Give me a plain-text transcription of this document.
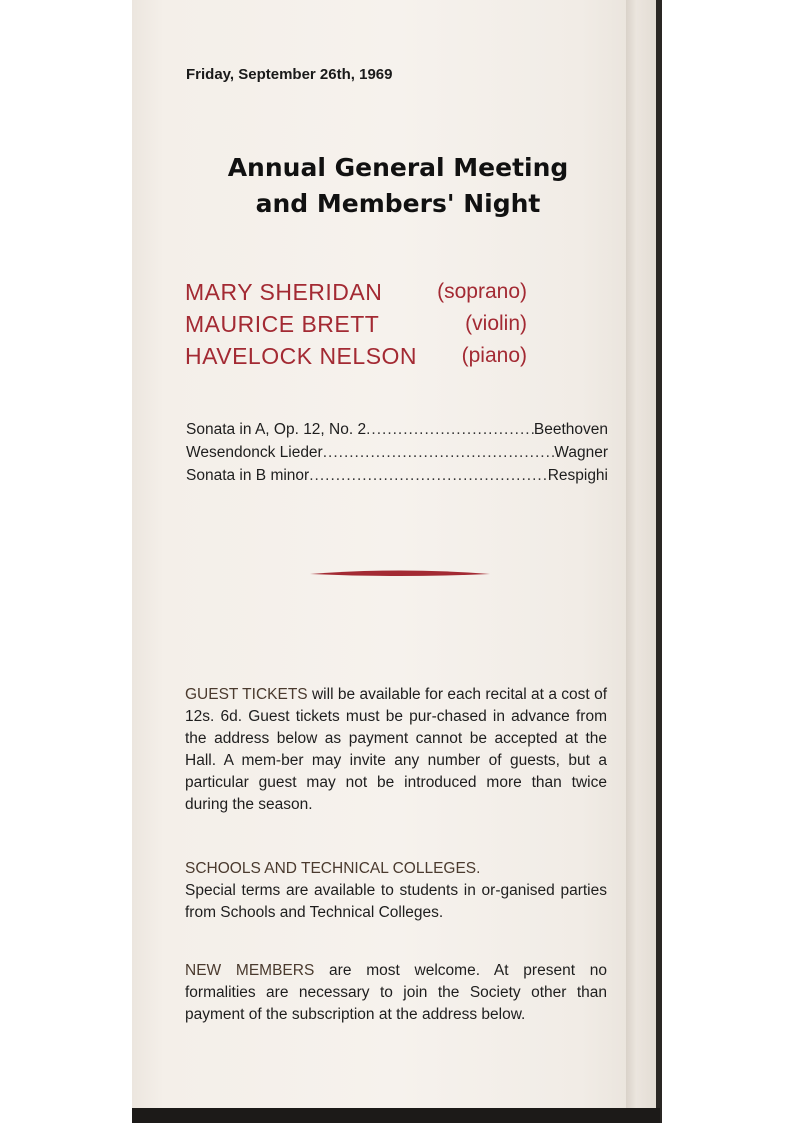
Friday, September 26th, 1969
Annual General Meeting
and Members' Night
MARY SHERIDAN	(soprano)
MAURICE BRETT	(violin)
HAVELOCK NELSON (piano)
Sonata in A, Op. 12, No. 2 .....	Beethoven
Wesendonck Lieder .....	Wagner
Sonata in B minor .....	Respighi
GUEST TICKETS will be available for each recital at a cost of 12s. 6d. Guest tickets must be pur-chased in advance from the address below as payment cannot be accepted at the Hall. A mem-ber may invite any number of guests, but a particular guest may not be introduced more than twice during the season.
SCHOOLS AND TECHNICAL COLLEGES.
Special terms are available to students in or-ganised parties from Schools and Technical Colleges.
NEW MEMBERS are most welcome. At present no formalities are necessary to join the Society other than payment of the subscription at the address below.
